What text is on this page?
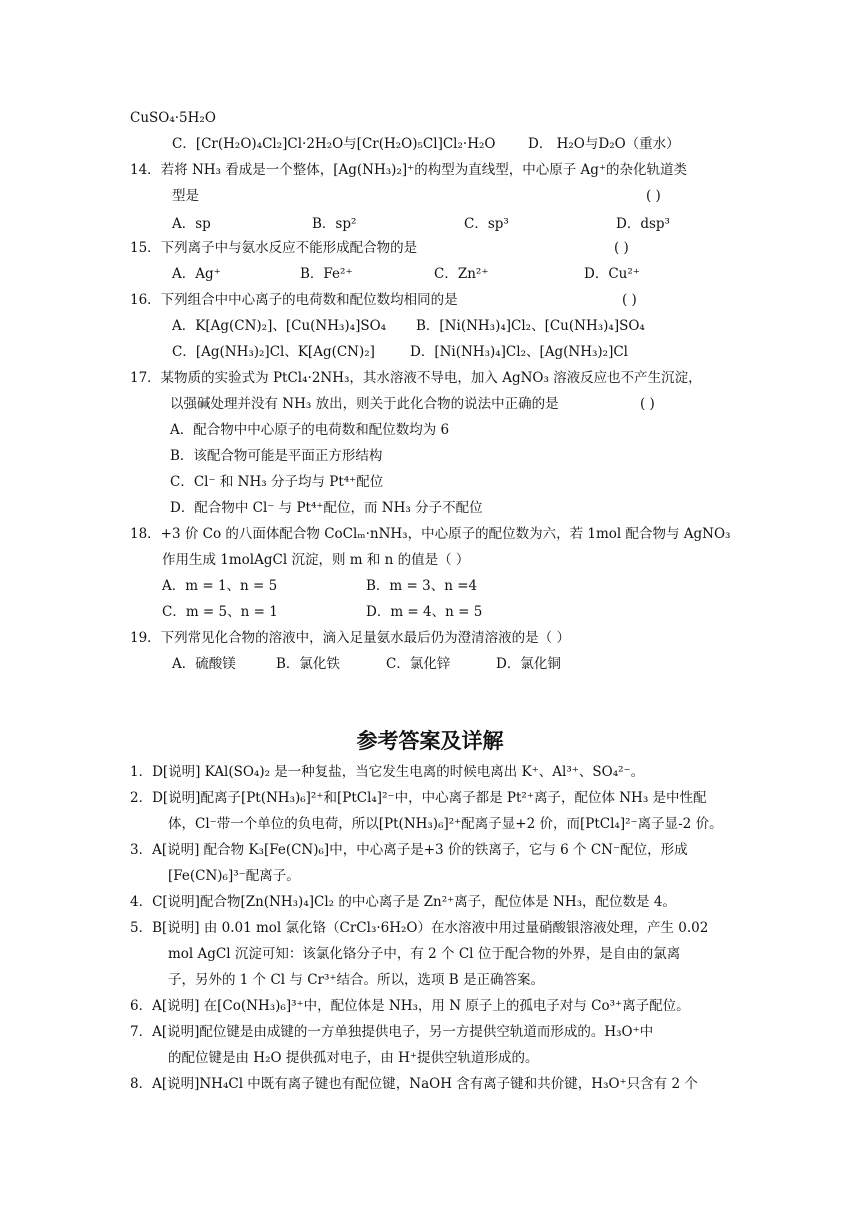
CuSO₄·5H₂O
C．[Cr(H₂O)₄Cl₂]Cl·2H₂O与[Cr(H₂O)₅Cl]Cl₂·H₂O D． H₂O与D₂O（重水）
14．若将 NH₃ 看成是一个整体，[Ag(NH₃)₂]⁺的构型为直线型，中心原子 Ag⁺的杂化轨道类
型是	( )
A．sp	B．sp²	C．sp³	D．dsp³
15．下列离子中与氨水反应不能形成配合物的是	( )
A．Ag⁺	B．Fe²⁺	C．Zn²⁺	D．Cu²⁺
16．下列组合中中心离子的电荷数和配位数均相同的是	( )
A．K[Ag(CN)₂]、[Cu(NH₃)₄]SO₄ B．[Ni(NH₃)₄]Cl₂、[Cu(NH₃)₄]SO₄
C．[Ag(NH₃)₂]Cl、K[Ag(CN)₂]	D．[Ni(NH₃)₄]Cl₂、[Ag(NH₃)₂]Cl
17．某物质的实验式为 PtCl₄·2NH₃，其水溶液不导电，加入 AgNO₃ 溶液反应也不产生沉淀，
以强碱处理并没有 NH₃ 放出，则关于此化合物的说法中正确的是	( )
A．配合物中中心原子的电荷数和配位数均为 6
B．该配合物可能是平面正方形结构
C．Cl⁻ 和 NH₃ 分子均与 Pt⁴⁺配位
D．配合物中 Cl⁻ 与 Pt⁴⁺配位，而 NH₃ 分子不配位
18．+3 价 Co 的八面体配合物 CoClₘ·nNH₃，中心原子的配位数为六，若 1mol 配合物与 AgNO₃
作用生成 1molAgCl 沉淀，则 m 和 n 的值是（ ）
A．m = 1、n = 5	B．m = 3、n =4
C．m = 5、n = 1	D．m = 4、n = 5
19．下列常见化合物的溶液中，滴入足量氨水最后仍为澄清溶液的是（ ）
A．硫酸镁	B．氯化铁	C．氯化锌	D．氯化铜
参考答案及详解
1．D[说明] KAl(SO₄)₂ 是一种复盐，当它发生电离的时候电离出 K⁺、Al³⁺、SO₄²⁻。
2．D[说明]配离子[Pt(NH₃)₆]²⁺和[PtCl₄]²⁻中，中心离子都是 Pt²⁺离子，配位体 NH₃ 是中性配
体，Cl⁻带一个单位的负电荷，所以[Pt(NH₃)₆]²⁺配离子显+2 价，而[PtCl₄]²⁻离子显-2 价。
3．A[说明] 配合物 K₃[Fe(CN)₆]中，中心离子是+3 价的铁离子，它与 6 个 CN⁻配位，形成
[Fe(CN)₆]³⁻配离子。
4．C[说明]配合物[Zn(NH₃)₄]Cl₂ 的中心离子是 Zn²⁺离子，配位体是 NH₃，配位数是 4。
5．B[说明] 由 0.01 mol 氯化铬（CrCl₃·6H₂O）在水溶液中用过量硝酸银溶液处理，产生 0.02
mol AgCl 沉淀可知：该氯化铬分子中，有 2 个 Cl 位于配合物的外界，是自由的氯离
子，另外的 1 个 Cl 与 Cr³⁺结合。所以，选项 B 是正确答案。
6．A[说明] 在[Co(NH₃)₆]³⁺中，配位体是 NH₃，用 N 原子上的孤电子对与 Co³⁺离子配位。
7．A[说明]配位键是由成键的一方单独提供电子，另一方提供空轨道而形成的。H₃O⁺中
的配位键是由 H₂O 提供孤对电子，由 H⁺提供空轨道形成的。
8．A[说明]NH₄Cl 中既有离子键也有配位键，NaOH 含有离子键和共价键，H₃O⁺只含有 2 个
